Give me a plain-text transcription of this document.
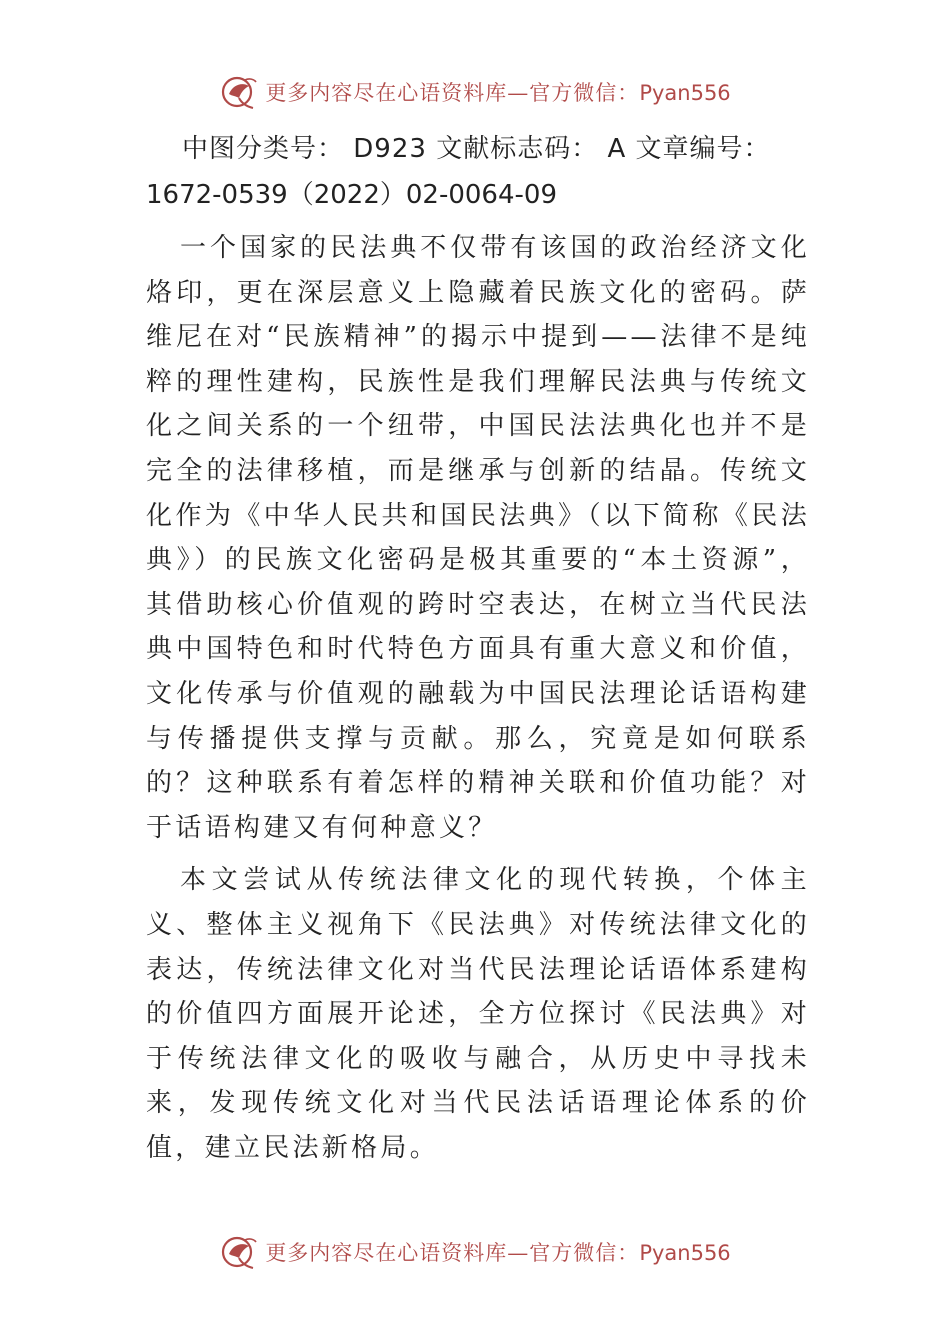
更多内容尽在心语资料库—官方微信：Pyan556

中图分类号： D923 文献标志码： A 文章编号：

1672-0539（2022）02-0064-09

一个国家的民法典不仅带有该国的政治经济文化烙印，更在深层意义上隐藏着民族文化的密码。萨维尼在对“民族精神”的揭示中提到——法律不是纯粹的理性建构，民族性是我们理解民法典与传统文化之间关系的一个纽带，中国民法法典化也并不是完全的法律移植，而是继承与创新的结晶。传统文化作为《中华人民共和国民法典》（以下简称《民法典》）的民族文化密码是极其重要的“本土资源”，其借助核心价值观的跨时空表达，在树立当代民法典中国特色和时代特色方面具有重大意义和价值，文化传承与价值观的融载为中国民法理论话语构建与传播提供支撑与贡献。那么，究竟是如何联系的？这种联系有着怎样的精神关联和价值功能？对于话语构建又有何种意义？

本文尝试从传统法律文化的现代转换，个体主义、整体主义视角下《民法典》对传统法律文化的表达，传统法律文化对当代民法理论话语体系建构的价值四方面展开论述，全方位探讨《民法典》对于传统法律文化的吸收与融合，从历史中寻找未来，发现传统文化对当代民法话语理论体系的价值，建立民法新格局。

更多内容尽在心语资料库—官方微信：Pyan556
